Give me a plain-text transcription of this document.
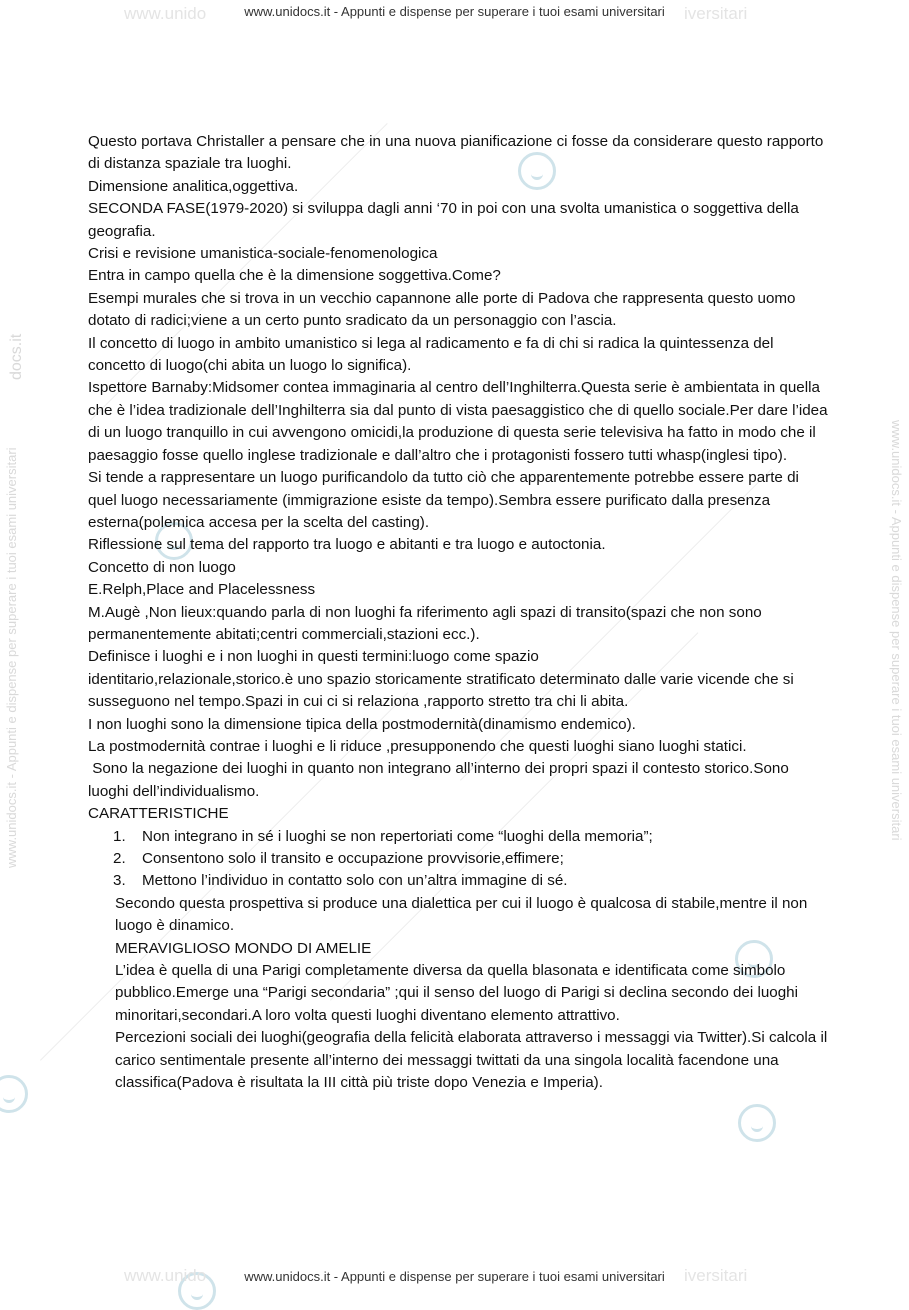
www.unido	iversitari
www.unido	iversitari
www.unidocs.it - Appunti e dispense per superare i tuoi esami universitari
docs.it
www.unidocs.it - Appunti e dispense per superare i tuoi esami universitari
www.unidocs.it - Appunti e dispense per superare i tuoi esami universitari
www.unidocs.it - Appunti e dispense per superare i tuoi esami universitari

Questo portava Christaller a pensare che in una nuova pianificazione ci fosse da considerare questo rapporto di distanza spaziale tra luoghi.

Dimensione analitica,oggettiva.

SECONDA FASE(1979-2020) si sviluppa dagli anni ‘70 in poi con una svolta umanistica o soggettiva della geografia.

Crisi e revisione umanistica-sociale-fenomenologica

Entra in campo quella che è la dimensione soggettiva.Come?

Esempi murales che si trova in un vecchio capannone alle porte di Padova che rappresenta questo uomo dotato di radici;viene a un certo punto sradicato da un personaggio con l’ascia.

Il concetto di luogo in ambito umanistico si lega al radicamento e fa di chi si radica la quintessenza del concetto di luogo(chi abita un luogo lo significa).

Ispettore Barnaby:Midsomer contea immaginaria al centro dell’Inghilterra.Questa serie è ambientata in quella che è l’idea tradizionale dell’Inghilterra sia dal punto di vista paesaggistico che di quello sociale.Per dare l’idea di un luogo tranquillo in cui avvengono omicidi,la produzione di questa serie televisiva ha fatto in modo che il paesaggio fosse quello inglese tradizionale e dall’altro che i protagonisti fossero tutti whasp(inglesi tipo).

Si tende a rappresentare un luogo purificandolo da tutto ciò che apparentemente potrebbe essere parte di quel luogo necessariamente (immigrazione esiste da tempo).Sembra essere purificato dalla presenza esterna(polemica accesa per la scelta del casting).

Riflessione sul tema del rapporto tra luogo e abitanti e tra luogo e autoctonia.

Concetto di non luogo

E.Relph,Place and Placelessness

M.Augè ,Non lieux:quando parla di non luoghi fa riferimento agli spazi di transito(spazi che non sono permanentemente abitati;centri commerciali,stazioni ecc.).

Definisce i luoghi e i non luoghi in questi termini:luogo come spazio

identitario,relazionale,storico.è uno spazio storicamente stratificato determinato dalle varie vicende che si susseguono nel tempo.Spazi in cui ci si relaziona ,rapporto stretto tra chi li abita.

I non luoghi sono la dimensione tipica della postmodernità(dinamismo endemico).

La postmodernità contrae i luoghi e li riduce ,presupponendo che questi luoghi siano luoghi statici.

Sono la negazione dei luoghi in quanto non integrano all’interno dei propri spazi il contesto storico.Sono luoghi dell’individualismo.

CARATTERISTICHE

1. Non integrano in sé i luoghi se non repertoriati come “luoghi della memoria”;
2. Consentono solo il transito e occupazione provvisorie,effimere;
3. Mettono l’individuo in contatto solo con un’altra immagine di sé.

Secondo questa prospettiva si produce una dialettica per cui il luogo è qualcosa di stabile,mentre il non luogo è dinamico.

MERAVIGLIOSO MONDO DI AMELIE

L’idea è quella di una Parigi completamente diversa da quella blasonata e identificata come simbolo pubblico.Emerge una “Parigi secondaria” ;qui il senso del luogo di Parigi si declina secondo dei luoghi minoritari,secondari.A loro volta questi luoghi diventano elemento attrattivo.

Percezioni sociali dei luoghi(geografia della felicità elaborata attraverso i messaggi via Twitter).Si calcola il carico sentimentale presente all’interno dei messaggi twittati da una singola località facendone una classifica(Padova è risultata la III città più triste dopo Venezia e Imperia).
